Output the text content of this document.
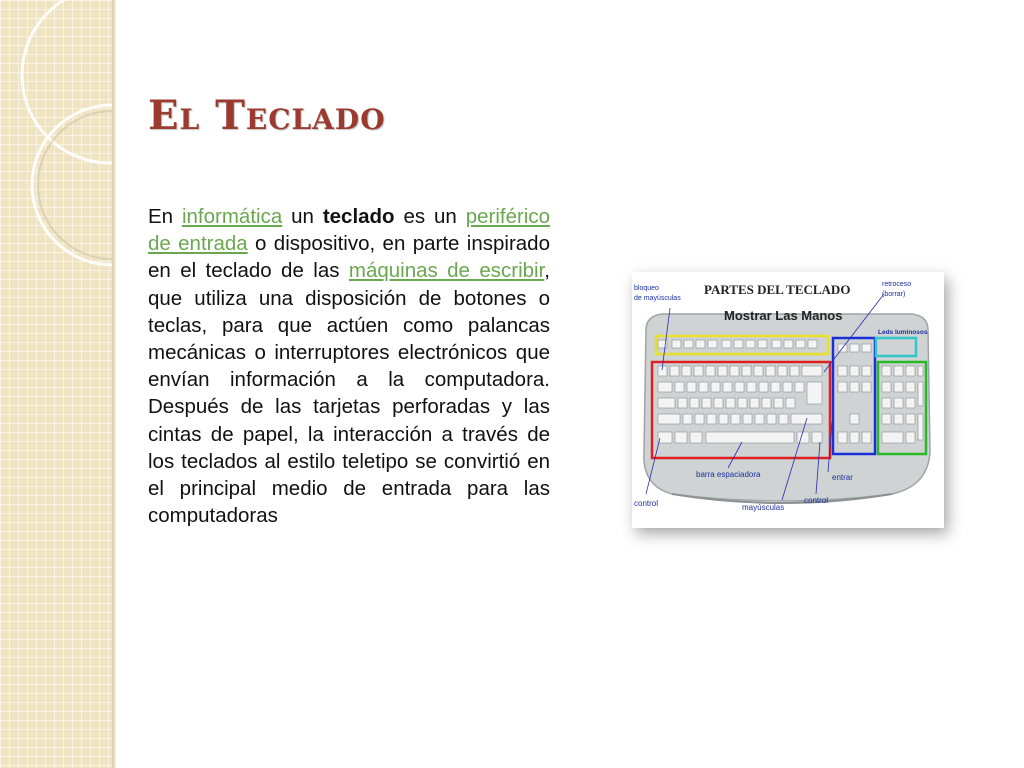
El Teclado

En informática un teclado es un periférico de entrada o dispositivo, en parte inspirado en el teclado de las máquinas de escribir, que utiliza una disposición de botones o teclas, para que actúen como palancas mecánicas o interruptores electrónicos que envían información a la computadora. Después de las tarjetas perforadas y las cintas de papel, la interacción a través de los teclados al estilo teletipo se convirtió en el principal medio de entrada para las computadoras

PARTES DEL TECLADO
Mostrar Las Manos
bloqueo
de mayúsculas
retroceso
(borrar)
Leds luminosos
barra espaciadora	entrar
control	control
mayúsculas
